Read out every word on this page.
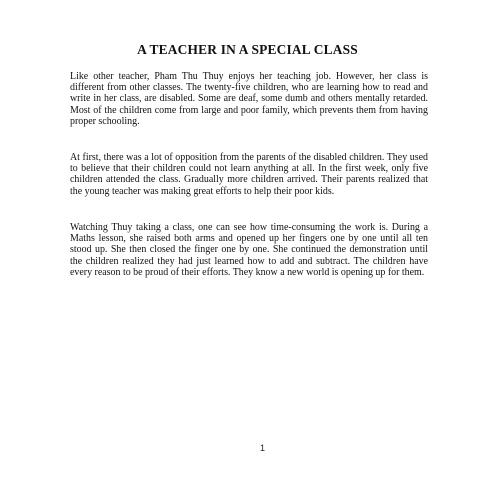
A TEACHER IN A SPECIAL CLASS

Like other teacher, Pham Thu Thuy enjoys her teaching job. However, her class is different from other classes. The twenty-five children, who are learning how to read and write in her class, are disabled. Some are deaf, some dumb and others mentally retarded. Most of the children come from large and poor family, which prevents them from having proper schooling.

At first, there was a lot of opposition from the parents of the disabled children. They used to believe that their children could not learn anything at all. In the first week, only five children attended the class. Gradually more children arrived. Their parents realized that the young teacher was making great efforts to help their poor kids.

Watching Thuy taking a class, one can see how time-consuming the work is. During a Maths lesson, she raised both arms and opened up her fingers one by one until all ten stood up. She then closed the finger one by one. She continued the demonstration until the children realized they had just learned how to add and subtract. The children have every reason to be proud of their efforts. They know a new world is opening up for them.

1
